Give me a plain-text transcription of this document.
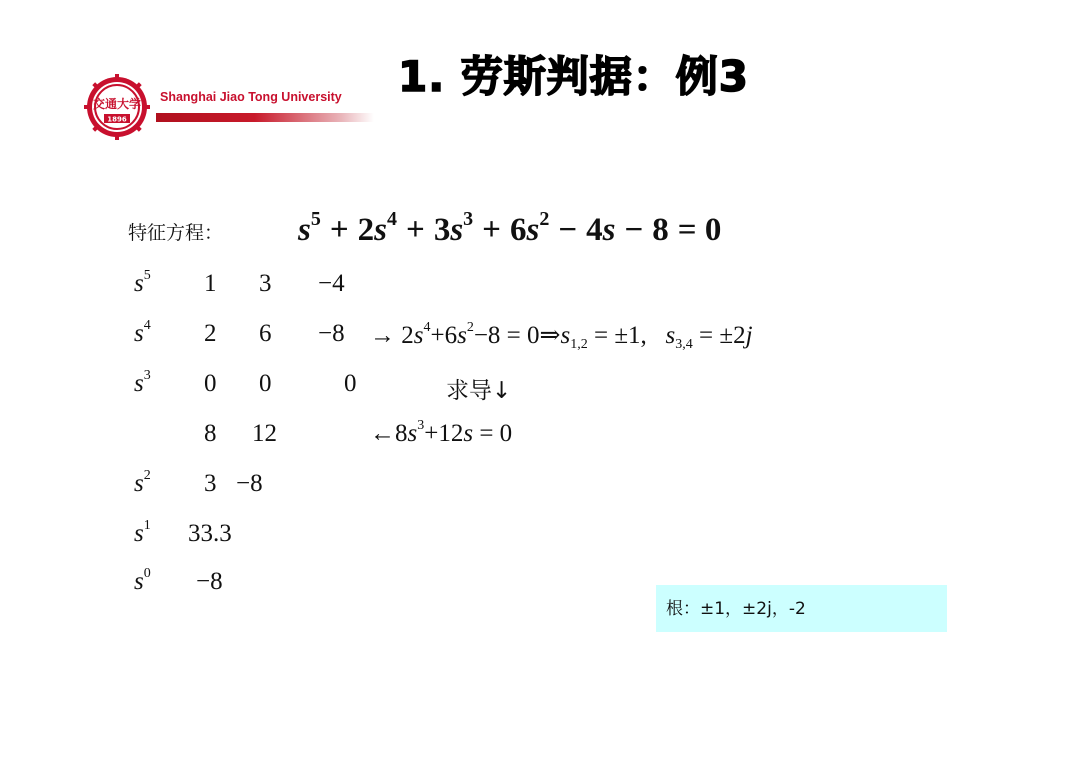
交通大学
1896
Shanghai Jiao Tong University 1. 劳斯判据：例3
特征方程： $s^5 + 2s^4 + 3s^3 + 6s^2 - 4s - 8 = 0$
$s^5$ 1 3 −4
$s^4$ 2 $6 -8 \to 2s^4+6s^2-8$ = $0\Rightarrow s_{1,2} = \pm 1$, $s_{3,4} = \pm 2j$
$s^3$ 0 0	0	求导↓
8 12	$\leftarrow 8s^3+12s = 0$
$s^2$ 3 −8
$s^1$ 33.3
$s^0 -8$
根：±1，±2j，-2
